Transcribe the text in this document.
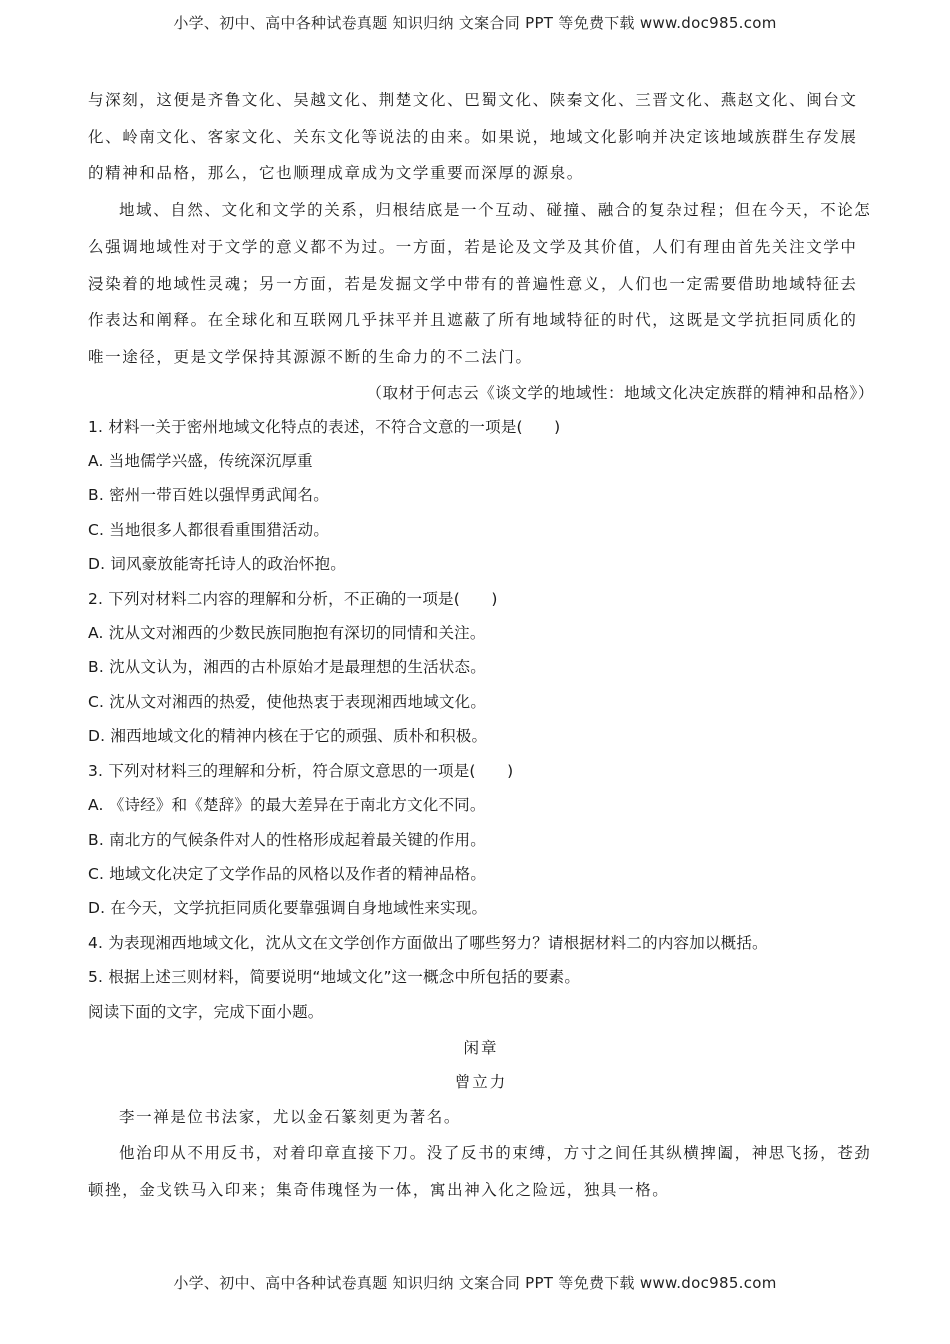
小学、初中、高中各种试卷真题 知识归纳 文案合同 PPT 等免费下载 www.doc985.com

与深刻，这便是齐鲁文化、吴越文化、荆楚文化、巴蜀文化、陕秦文化、三晋文化、燕赵文化、闽台文化、岭南文化、客家文化、关东文化等说法的由来。如果说，地域文化影响并决定该地域族群生存发展的精神和品格，那么，它也顺理成章成为文学重要而深厚的源泉。

地域、自然、文化和文学的关系，归根结底是一个互动、碰撞、融合的复杂过程；但在今天，不论怎么强调地域性对于文学的意义都不为过。一方面，若是论及文学及其价值，人们有理由首先关注文学中浸染着的地域性灵魂；另一方面，若是发掘文学中带有的普遍性意义，人们也一定需要借助地域特征去作表达和阐释。在全球化和互联网几乎抹平并且遮蔽了所有地域特征的时代，这既是文学抗拒同质化的唯一途径，更是文学保持其源源不断的生命力的不二法门。

（取材于何志云《谈文学的地域性：地域文化决定族群的精神和品格》）

1. 材料一关于密州地域文化特点的表述，不符合文意的一项是(　　)

A. 当地儒学兴盛，传统深沉厚重

B. 密州一带百姓以强悍勇武闻名。

C. 当地很多人都很看重围猎活动。

D. 词风豪放能寄托诗人的政治怀抱。

2. 下列对材料二内容的理解和分析，不正确的一项是(　　)

A. 沈从文对湘西的少数民族同胞抱有深切的同情和关注。

B. 沈从文认为，湘西的古朴原始才是最理想的生活状态。

C. 沈从文对湘西的热爱，使他热衷于表现湘西地域文化。

D. 湘西地域文化的精神内核在于它的顽强、质朴和积极。

3. 下列对材料三的理解和分析，符合原文意思的一项是(　　)

A. 《诗经》和《楚辞》的最大差异在于南北方文化不同。

B. 南北方的气候条件对人的性格形成起着最关键的作用。

C. 地域文化决定了文学作品的风格以及作者的精神品格。

D. 在今天，文学抗拒同质化要靠强调自身地域性来实现。

4. 为表现湘西地域文化，沈从文在文学创作方面做出了哪些努力？请根据材料二的内容加以概括。

5. 根据上述三则材料，简要说明“地域文化”这一概念中所包括的要素。

阅读下面的文字，完成下面小题。

闲章

曾立力

李一禅是位书法家，尤以金石篆刻更为著名。

他治印从不用反书，对着印章直接下刀。没了反书的束缚，方寸之间任其纵横捭阖，神思飞扬，苍劲顿挫，金戈铁马入印来；集奇伟瑰怪为一体，寓出神入化之险远，独具一格。

小学、初中、高中各种试卷真题 知识归纳 文案合同 PPT 等免费下载 www.doc985.com
